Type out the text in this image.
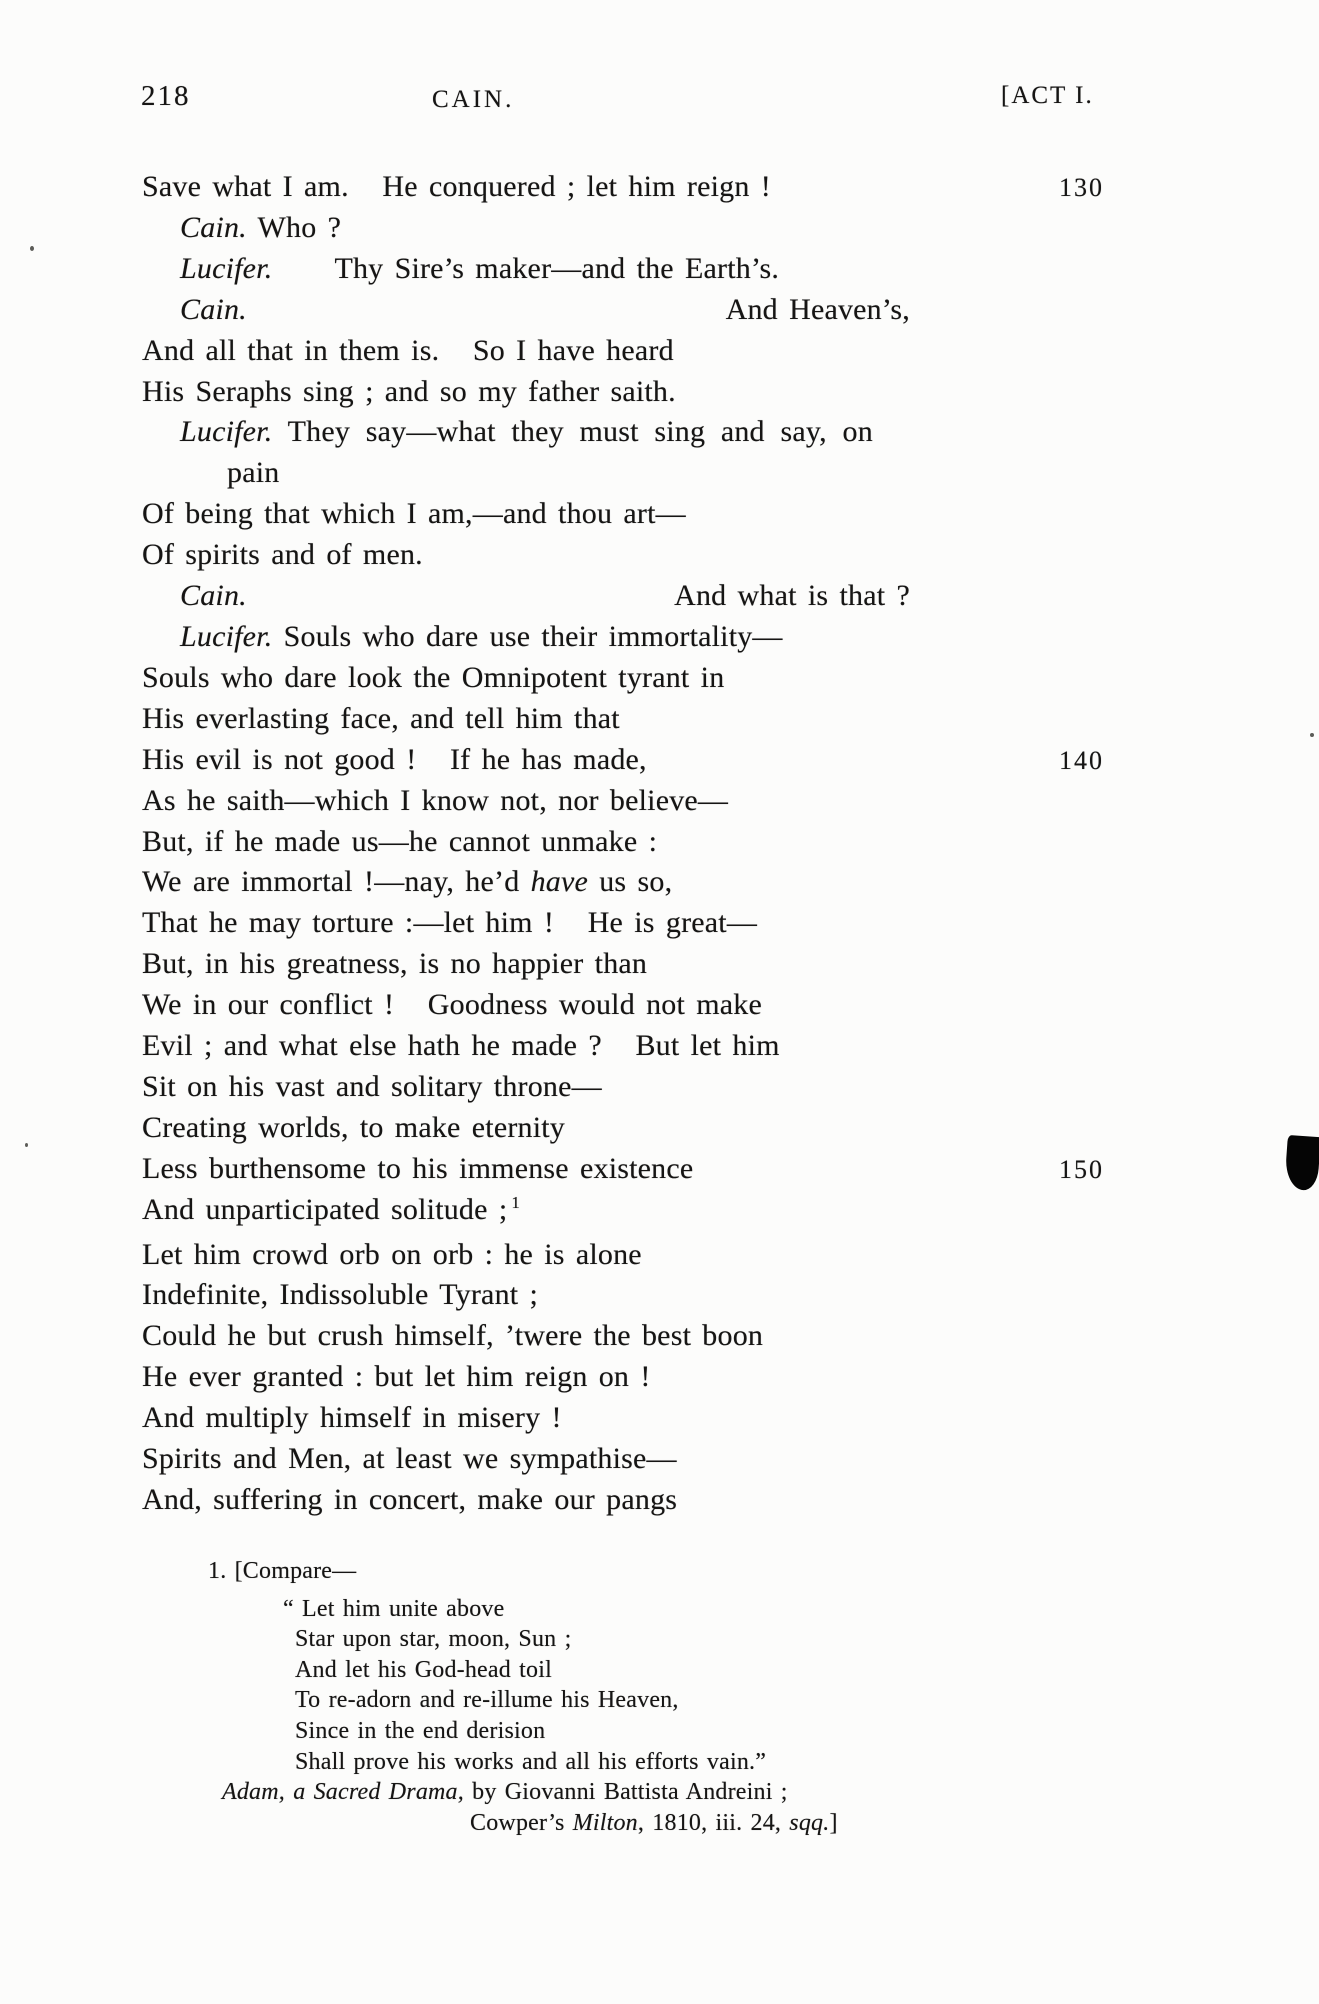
218	CAIN.	[ACT I.
Save what I am.   He conquered ; let him reign !	130
Cain. Who ?
Lucifer. Thy Sire’s maker—and the Earth’s.
Cain.	And Heaven’s,
And all that in them is.   So I have heard
His Seraphs sing ; and so my father saith.
Lucifer. They say—what they must sing and say, on
pain
Of being that which I am,—and thou art—
Of spirits and of men.
Cain.	And what is that ?
Lucifer. Souls who dare use their immortality—
Souls who dare look the Omnipotent tyrant in
His everlasting face, and tell him that
His evil is not good !   If he has made,	140
As he saith—which I know not, nor believe—
But, if he made us—he cannot unmake :
We are immortal !—nay, he’d have us so,
That he may torture :—let him !   He is great—
But, in his greatness, is no happier than
We in our conflict !   Goodness would not make
Evil ; and what else hath he made ?   But let him
Sit on his vast and solitary throne—
Creating worlds, to make eternity
Less burthensome to his immense existence	150
And unparticipated solitude ; 1
Let him crowd orb on orb : he is alone
Indefinite, Indissoluble Tyrant ;
Could he but crush himself, ’twere the best boon
He ever granted : but let him reign on !
And multiply himself in misery !
Spirits and Men, at least we sympathise—
And, suffering in concert, make our pangs
1. [Compare—
“ Let him unite above
Star upon star, moon, Sun ;
And let his God-head toil
To re-adorn and re-illume his Heaven,
Since in the end derision
Shall prove his works and all his efforts vain.”
Adam, a Sacred Drama, by Giovanni Battista Andreini ;
Cowper’s Milton , 1810, iii. 24, sqq. ]
